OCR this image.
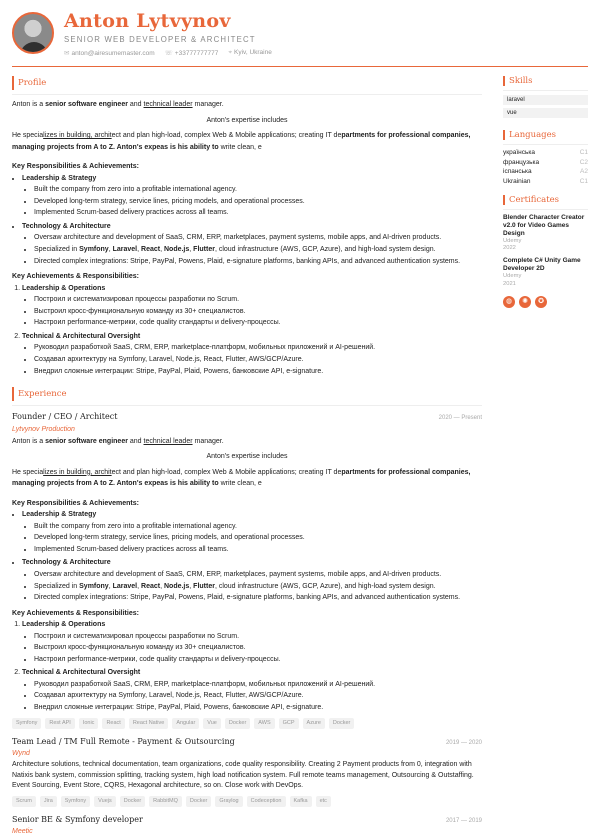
Anton Lytvynov
SENIOR WEB DEVELOPER & ARCHITECT
✉ anton@airesumemaster.com ☏ +33777777777 ⌖ Kyiv, Ukraine
Profile
Anton is a senior software engineer and technical leader manager.
Anton's expertise includes
He specializes in building, architect and plan high-load, complex Web & Mobile applications; creating IT departments for professional companies,
managing projects from A to Z. Anton's expeas is his ability to write clean, e
Key Responsibilities & Achievements:
• Leadership & Strategy
• Built the company from zero into a profitable international agency.
• Developed long-term strategy, service lines, pricing models, and operational processes.
• Implemented Scrum-based delivery practices across all teams.
• Technology & Architecture
• Oversaw architecture and development of SaaS, CRM, ERP, marketplaces, payment systems, mobile apps, and AI-driven products.
• Specialized in Symfony, Laravel, React, Node.js, Flutter, cloud infrastructure (AWS, GCP, Azure), and high-load system design.
• Directed complex integrations: Stripe, PayPal, Powens, Plaid, e-signature platforms, banking APIs, and advanced authentication systems.
Key Achievements & Responsibilities:
1. Leadership & Operations
• Построил и систематизировал процессы разработки по Scrum.
• Выстроил кросс-функциональную команду из 30+ специалистов.
• Настроил performance-метрики, code quality стандарты и delivery-процессы.
2. Technical & Architectural Oversight
• Руководил разработкой SaaS, CRM, ERP, marketplace-платформ, мобильных приложений и AI-решений.
• Создавал архитектуру на Symfony, Laravel, Node.js, React, Flutter, AWS/GCP/Azure.
• Внедрил сложные интеграции: Stripe, PayPal, Plaid, Powens, банковские API, e-signature.
Experience
Founder / CEO / Architect	2020 — Present
Lytvynov Production
Anton is a senior software engineer and technical leader manager.
Anton's expertise includes
He specializes in building, architect and plan high-load, complex Web & Mobile applications; creating IT departments for professional companies,
managing projects from A to Z. Anton's expeas is his ability to write clean, e
Key Responsibilities & Achievements:
• Leadership & Strategy
• Built the company from zero into a profitable international agency.
• Developed long-term strategy, service lines, pricing models, and operational processes.
• Implemented Scrum-based delivery practices across all teams.
• Technology & Architecture
• Oversaw architecture and development of SaaS, CRM, ERP, marketplaces, payment systems, mobile apps, and AI-driven products.
• Specialized in Symfony, Laravel, React, Node.js, Flutter, cloud infrastructure (AWS, GCP, Azure), and high-load system design.
• Directed complex integrations: Stripe, PayPal, Powens, Plaid, e-signature platforms, banking APIs, and advanced authentication systems.
Key Achievements & Responsibilities:
1. Leadership & Operations
• Построил и систематизировал процессы разработки по Scrum.
• Выстроил кросс-функциональную команду из 30+ специалистов.
• Настроил performance-метрики, code quality стандарты и delivery-процессы.
2. Technical & Architectural Oversight
• Руководил разработкой SaaS, CRM, ERP, marketplace-платформ, мобильных приложений и AI-решений.
• Создавал архитектуру на Symfony, Laravel, Node.js, React, Flutter, AWS/GCP/Azure.
• Внедрил сложные интеграции: Stripe, PayPal, Plaid, Powens, банковские API, e-signature.
Symfony	Rest API	Ionic	React	React Native	Angular	Vue	Docker	AWS	GCP	Azure	Docker
Team Lead / TM Full Remote - Payment & Outsourcing	2019 — 2020
Wynd
Architecture solutions, technical documentation, team organizations, code quality responsibility. Creating 2 Payment products from 0, integration with Natixis bank system, commission splitting, tracking system, high load notification system. Full remote teams management, Outsourcing & Outstaffing. Event Sourcing, Event Store, CQRS, Hexagonal architecture, so on. Close work with DevOps.
Scrum	Jira	Symfony	Vuejs	Docker	RabbitMQ	Docker	Graylog	Codeception	Kafka	etc
Senior BE & Symfony developer	2017 — 2019
Meetic
Skills
laravel
vue
Languages
українська	C1
французька	C2
іспанська	A2
Ukrainian	C1
Certificates
Blender Character Creator v2.0 for Video Games Design
Udemy
2022
Complete C# Unity Game Developer 2D
Udemy
2021
◍	✺	✪
